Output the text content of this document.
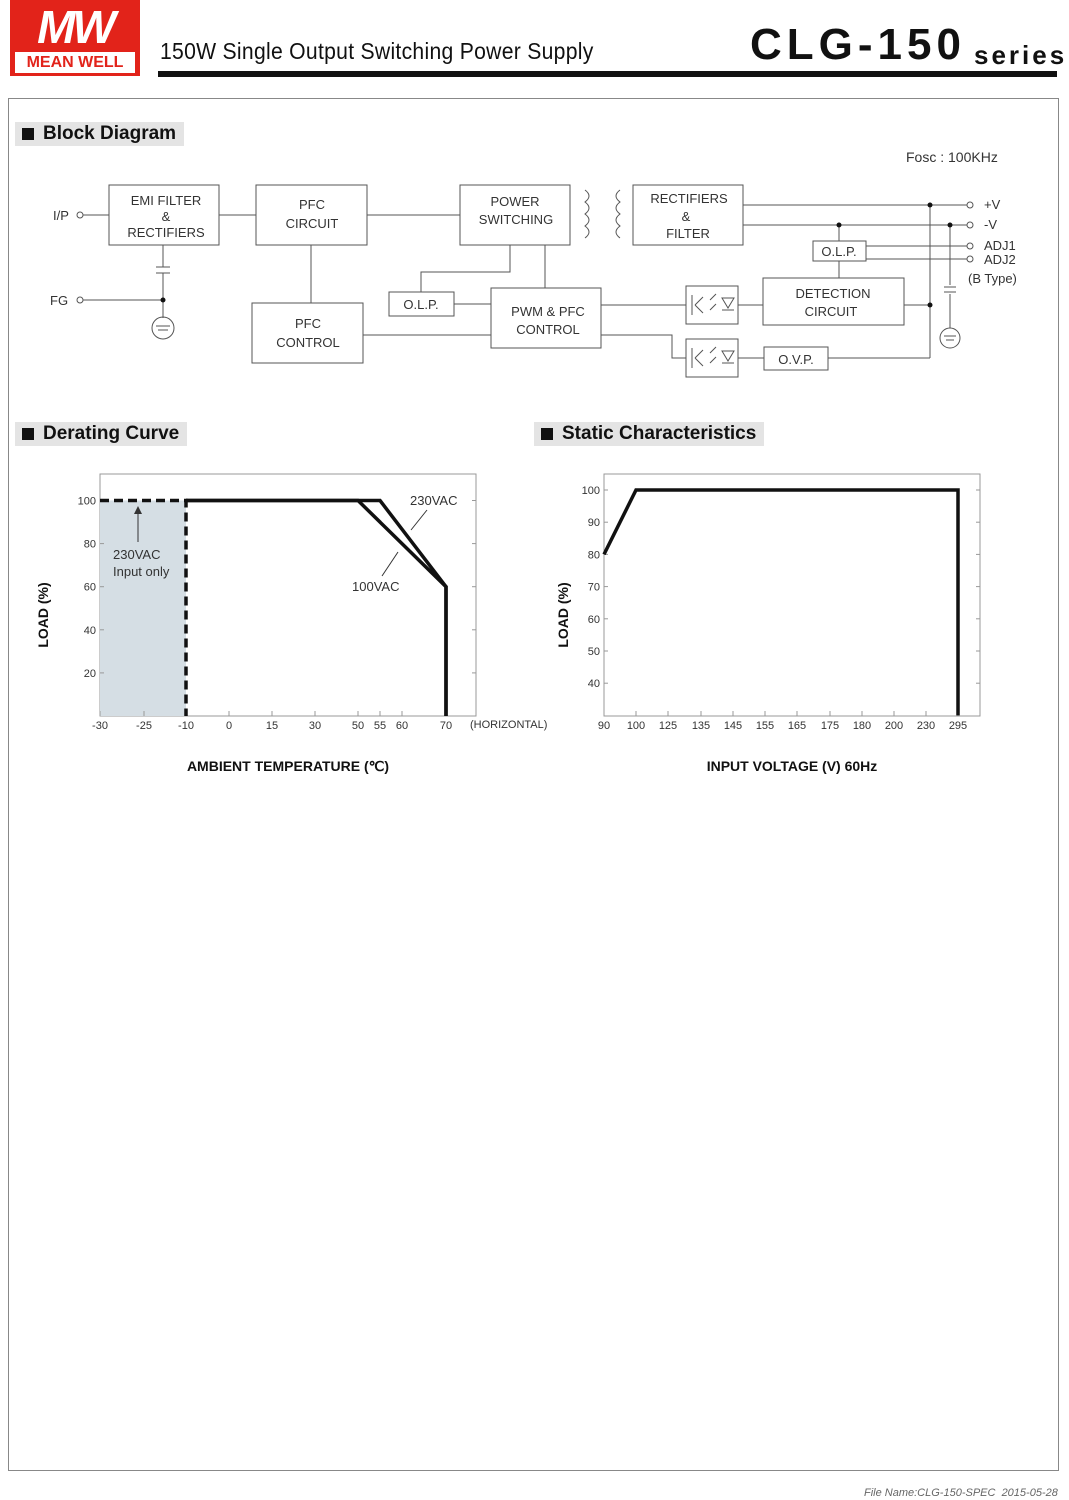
MW
MEAN WELL	150W Single Output Switching Power Supply	CLG-150 series
Block Diagram
Derating Curve	Static Characteristics
EMI FILTER
&
RECTIFIERS
PFC
CIRCUIT
POWER
SWITCHING
RECTIFIERS
&
FILTER
O.L.P.
DETECTION
CIRCUIT
O.V.P.
PWM & PFC
CONTROL
O.L.P.
PFC
CONTROL
I/P
FG
Fosc : 100KHz
+V
-V
ADJ1
ADJ2
(B Type)
-30	-25 -10	0	15	30	50 55 60	70
20
40
60
80
100
AMBIENT TEMPERATURE (℃)
LOAD (%)
(HORIZONTAL)
230VAC
Input only
230VAC
100VAC
90 100 125 135 145 155 165 175 180 200 230 295
40
50
60
70
80
90
100
INPUT VOLTAGE (V) 60Hz
LOAD (%)
File Name:CLG-150-SPEC 2015-05-28
